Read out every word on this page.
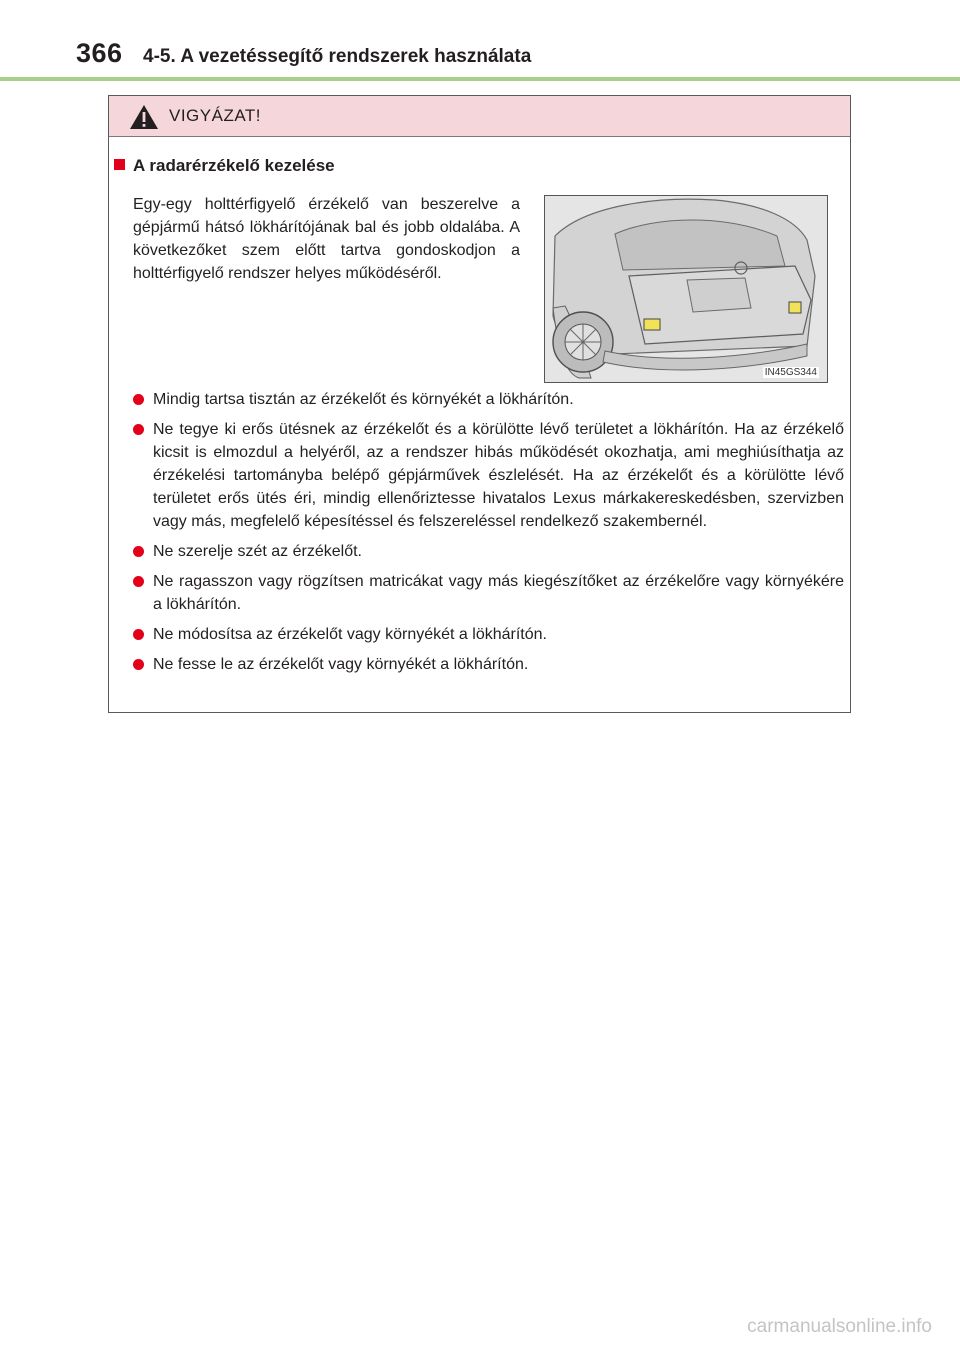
366 4-5. A vezetéssegítő rendszerek használata
VIGYÁZAT!
A radarérzékelő kezelése
Egy-egy holttérfigyelő érzékelő van beszerelve a gépjármű hátsó lökhárítójának bal és jobb oldalába. A következőket szem előtt tartva gondoskodjon a holttérfigyelő rendszer helyes működéséről.
IN45GS344
Mindig tartsa tisztán az érzékelőt és környékét a lökhárítón.
Ne tegye ki erős ütésnek az érzékelőt és a körülötte lévő területet a lökhárítón. Ha az érzékelő kicsit is elmozdul a helyéről, az a rendszer hibás működését okozhatja, ami meghiúsíthatja az érzékelési tartományba belépő gépjárművek észlelését. Ha az érzékelőt és a körülötte lévő területet erős ütés éri, mindig ellenőriztesse hivatalos Lexus márkakereskedésben, szervizben vagy más, megfelelő képesítéssel és felszereléssel rendelkező szakembernél.
Ne szerelje szét az érzékelőt.
Ne ragasszon vagy rögzítsen matricákat vagy más kiegészítőket az érzékelőre vagy környékére a lökhárítón.
Ne módosítsa az érzékelőt vagy környékét a lökhárítón.
Ne fesse le az érzékelőt vagy környékét a lökhárítón.
carmanualsonline.info
